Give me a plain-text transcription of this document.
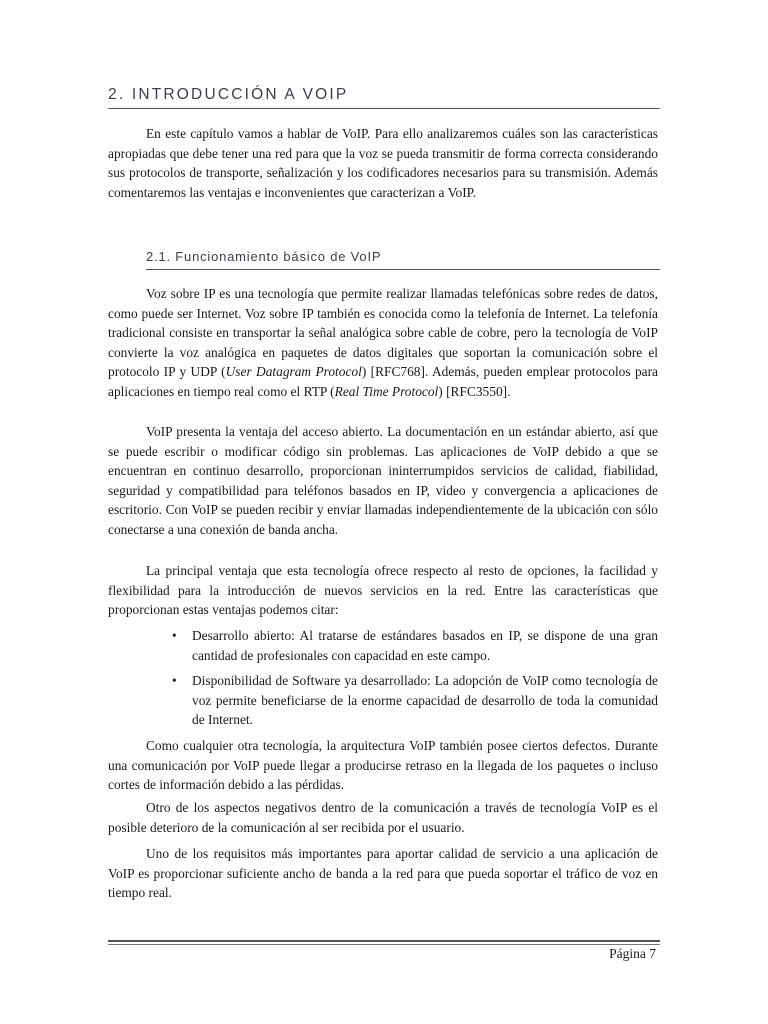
2. INTRODUCCIÓN A VOIP

En este capítulo vamos a hablar de VoIP. Para ello analizaremos cuáles son las características apropiadas que debe tener una red para que la voz se pueda transmitir de forma correcta considerando sus protocolos de transporte, señalización y los codificadores necesarios para su transmisión. Además comentaremos las ventajas e inconvenientes que caracterizan a VoIP.

2.1. Funcionamiento básico de VoIP

Voz sobre IP es una tecnología que permite realizar llamadas telefónicas sobre redes de datos, como puede ser Internet. Voz sobre IP también es conocida como la telefonía de Internet. La telefonía tradicional consiste en transportar la señal analógica sobre cable de cobre, pero la tecnología de VoIP convierte la voz analógica en paquetes de datos digitales que soportan la comunicación sobre el protocolo IP y UDP (User Datagram Protocol) [RFC768]. Además, pueden emplear protocolos para aplicaciones en tiempo real como el RTP (Real Time Protocol) [RFC3550].

VoIP presenta la ventaja del acceso abierto. La documentación en un estándar abierto, así que se puede escribir o modificar código sin problemas. Las aplicaciones de VoIP debido a que se encuentran en continuo desarrollo, proporcionan ininterrumpidos servicios de calidad, fiabilidad, seguridad y compatibilidad para teléfonos basados en IP, video y convergencia a aplicaciones de escritorio. Con VoIP se pueden recibir y enviar llamadas independientemente de la ubicación con sólo conectarse a una conexión de banda ancha.

La principal ventaja que esta tecnología ofrece respecto al resto de opciones, la facilidad y flexibilidad para la introducción de nuevos servicios en la red. Entre las características que proporcionan estas ventajas podemos citar:

• Desarrollo abierto: Al tratarse de estándares basados en IP, se dispone de una gran cantidad de profesionales con capacidad en este campo.
• Disponibilidad de Software ya desarrollado: La adopción de VoIP como tecnología de voz permite beneficiarse de la enorme capacidad de desarrollo de toda la comunidad de Internet.

Como cualquier otra tecnología, la arquitectura VoIP también posee ciertos defectos. Durante una comunicación por VoIP puede llegar a producirse retraso en la llegada de los paquetes o incluso cortes de información debido a las pérdidas.

Otro de los aspectos negativos dentro de la comunicación a través de tecnología VoIP es el posible deterioro de la comunicación al ser recibida por el usuario.

Uno de los requisitos más importantes para aportar calidad de servicio a una aplicación de VoIP es proporcionar suficiente ancho de banda a la red para que pueda soportar el tráfico de voz en tiempo real.

Página 7
